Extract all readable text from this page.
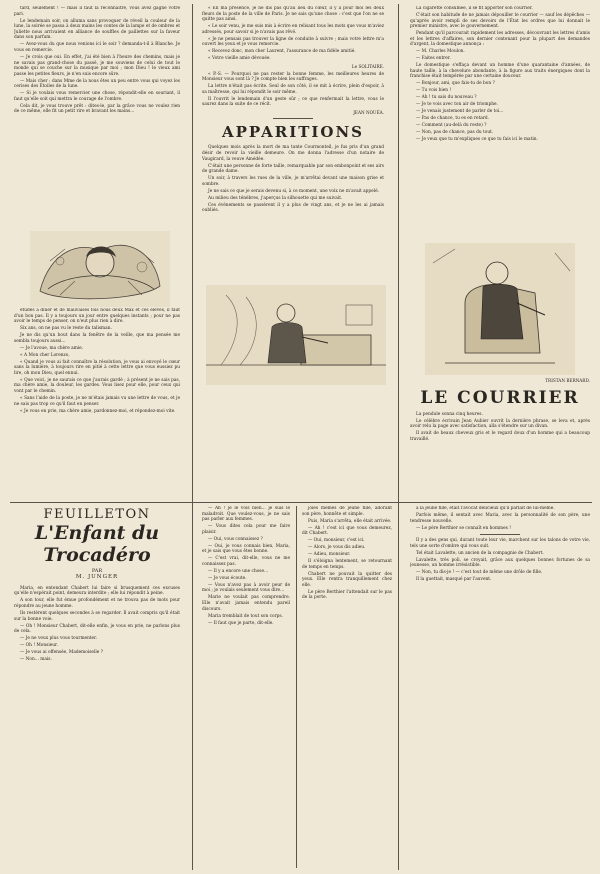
tard, seulement ! — mais il faut la reconnaître, vous avez gagné votre pari.

Le lendemain soir, on alluma sans provoquer de réveil la couleur de la lune, la soirée se passa à deux mains les contes de la lampe et de ombres et Juliette nous arrivaient en alliance de souffles de paillettes sur la faveur dans son parfum.

— Avez-vous du que nous venions ici le soir ? demanda-t-il à Blanche. Je vous en remercie.

— Je crois que oui. En effet, j'ai été bien à l'heure des chemins, mais je ne savais pas grand-chose du passé, je me souviens de celui de tout le monde qui se couche sur la musique par moi ; mon Dieu ! le vieux ami passe les petites fleurs, je n'en suis encore sûre.

— Mais cher : dans Mme de la nous êtes un peu entre vous qui voyez les cerises des Étoiles de la lune.

— Si je voulais vous remercier une chose, répondit-elle en souriant, il faut qu'elle soit qui mettra le courage de l'ombre.

Cela dit, je vous trouve prêt : dites-le, par la grâce vous ne voulez rien de ce même, elle fit un petit rire et bravant les mains...

études à dîner et de mauvaises fois nous deux Max et ces élèves, il faut d'un bon pas. Il y a toujours un jour entre quelques instants ; pour ne pas avoir le temps de penser, on n'eut plus rien à dire.

Six ans, on ne pas vu le reste du talisman.

Je ne dis qu'un bout dans la fenêtre de la veille, que ma pensée me sembla toujours aussi...

— Je l'avoue, ma chère amie.

« A Mon cher Lorenzo,

« Quand je vous ai fait connaître la résolution, je vous ai envoyé le cœur sans la lumière, à toujours rire en pitié à cette lettre que vous eussiez pu lire, oh mon Dieu, quel ennui.

« Que voici, je ne saurais ce que j'aurais gardé ; à présent je ne sais pas, ma chère amie, la douleur, les gardes. Vous lisez pour elle, pour ceux qui vont par le chemin.

« Sans l'aide de la poste, je ne m'étais jamais vu une lettre de vous, et je ne sais pas trop ce qu'il faut en penser.

« Je vous en prie, ma chère amie, pardonnez-moi, et répondez-moi vite.

« En ma présence, je ne dis pas qu'au lieu du cœur, il y a pour moi les deux fleurs de la poste de la ville de Paris. Je ne sais qu'une chose : c'est que l'on ne se quitte pas ainsi.

« Le soir venu, je me suis mis à écrire en relisant tous les mots que vous m'aviez adressés, pour savoir si je n'avais pas rêvé.

« Je ne pensais pas trouver la ligne de conduite à suivre ; mais votre lettre m'a ouvert les yeux et je vous remercie.

« Recevez donc, mon cher Laurent, l'assurance de ma fidèle amitié.

« Votre vieille amie dévouée.

Le SOLITAIRE.

« P.-S. — Pourquoi ne pas rester la bonne femme, les meilleures heures de Monsieur vous sont là ? Je compte bien les suffrages.

La lettre n'était pas écrite. Seul de son côté, il se mit à écrire, plein d'espoir, à sa maîtresse, qui lui répondit le soir même.

Il l'ouvrit le lendemain d'un geste sûr ; ce que renfermait la lettre, vous le saurez dans la suite de ce récit.

JEAN NOUÉA.
APPARITIONS

Quelques mois après la mort de ma tante Courmonteil, je fus pris d'un grand désir de revoir la vieille demeure. On me donna l'adresse d'un notaire de Vaugirard, la veuve Amédée.

C'était une personne de forte taille, remarquable par son embonpoint et ses airs de grande dame.

Un soir, à travers les rues de la ville, je m'arrêtai devant une maison grise et sombre.

Je ne sais ce que je serais devenu si, à ce moment, une voix ne m'avait appelé.

Au milieu des ténèbres, j'aperçus la silhouette qui me suivait.

Ces événements se passèrent il y a plus de vingt ans, et je ne les ai jamais oubliés.

La cigarette consumée, il se fit apporter son courrier.

C'était son habitude de ne jamais dépouiller le courrier — sauf les dépêches — qu'après avoir rempli de ses devoirs de l'État les ordres que lui donnait le premier ministre, avec le gouvernement.

Pendant qu'il parcourait rapidement les adresses, découvrant les lettres d'amis et les lettres d'affaires, son dernier contenant pour la plupart des demandes d'argent, la domestique annonça :

— M. Charles Moulon.

— Faites entrer.

Le domestique s'effaça devant un homme d'une quarantaine d'années, de haute taille, à la chevelure abondante, à la figure aux traits énergiques dont la franchise était tempérée par une certaine douceur.

— Bonjour, ami, que fais-tu de bon ?

— Tu vois bien !

— Ah ! tu sais du nouveau ?

— Je te vois avec ton air de triomphe.

— Je venais justement de parler de toi...

— Pas de chance, tu es en retard.

— Comment (au-delà du reste) ?

— Non, pas de chance, pas du tout.

— Je veux que tu m'expliques ce que tu fais ici le matin.

TRISTAN BERNARD.
LE COURRIER

La pendule sonna cinq heures.

Le célèbre écrivain Jean Aubier ouvrit la dernière phrase, se leva et, après avoir relu la page avec satisfaction, alla s'étendre sur un divan.

Il avait de beaux cheveux gris et le regard doux d'un homme qui a beaucoup travaillé.

FEUILLETON
L'Enfant du Trocadéro
PAR
M. JUNGER

Maria, en entendant Chabert lui faire si brusquement ces excuses qu'elle n'espérait point, demeura interdite ; elle lui répondit à peine.

A son tour, elle fut émue profondément et ne trouva pas de mots pour répondre au jeune homme.

Ils restèrent quelques secondes à se regarder. Il avait compris qu'il était sur la bonne voie.

— Oh ! Monsieur Chabert, dit-elle enfin, je vous en prie, ne parlons plus de cela.

— Je ne veux plus vous tourmenter.

— Oh ! Monsieur.

— Je vous ai offensée, Mademoiselle ?

— Non... mais.

— Ah ! je le vois bien... je suis le maladroit. Que voulez-vous, je ne sais pas parler aux femmes.

— Vous dites cela pour me faire plaisir.

— Oui, vous connaissez ?

— Oui, je vous connais bien, Maria, et je sais que vous êtes bonne.

— C'est vrai, dit-elle, vous ne me connaissez pas.

— Il y a encore une chose...

— Je vous écoute.

— Vous n'avez pas à avoir peur de moi ; je voulais seulement vous dire...

Marie ne voulait pas comprendre. Elle n'avait jamais entendu pareil discours.

Maria tremblait de tout son corps.

— Il faut que je parte, dit-elle.

joies mêmes de jeune fille, adorant son père, honnête et simple.

Puis, Maria s'arrêta, elle était arrivée.

— Ah ! c'est ici que vous demeurez, dit Chabert.

— Oui, monsieur, c'est ici.

— Alors, je vous dis adieu.

— Adieu, monsieur.

Il s'éloigna lentement, se retournant de temps en temps.

Chabert ne pouvait la quitter des yeux. Elle rentra tranquillement chez elle.

Le père Berthier l'attendait sur le pas de la porte.

à la jeune fille, était l'avocat délicieux qu'il parlait de lui-même.

Parfois même, il sentait avec Maria, avec la personnalité de son père, une tendresse nouvelle.

— Le père Berthier se connaît en hommes !

Il y a des gens qui, durant toute leur vie, marchent sur les talons de votre vie, tels une sorte d'ombre qui vous suit.

Tel était Lavalette, un ancien de la compagnie de Chabert.

Lavalette, très poli, se croyait, grâce aux quelques bonnes fortunes de sa jeunesse, un homme irrésistible.

— Non, tu dis-je ! — c'est tout de même une drôle de fille.

Il la guettait, masqué par l'auvent.
